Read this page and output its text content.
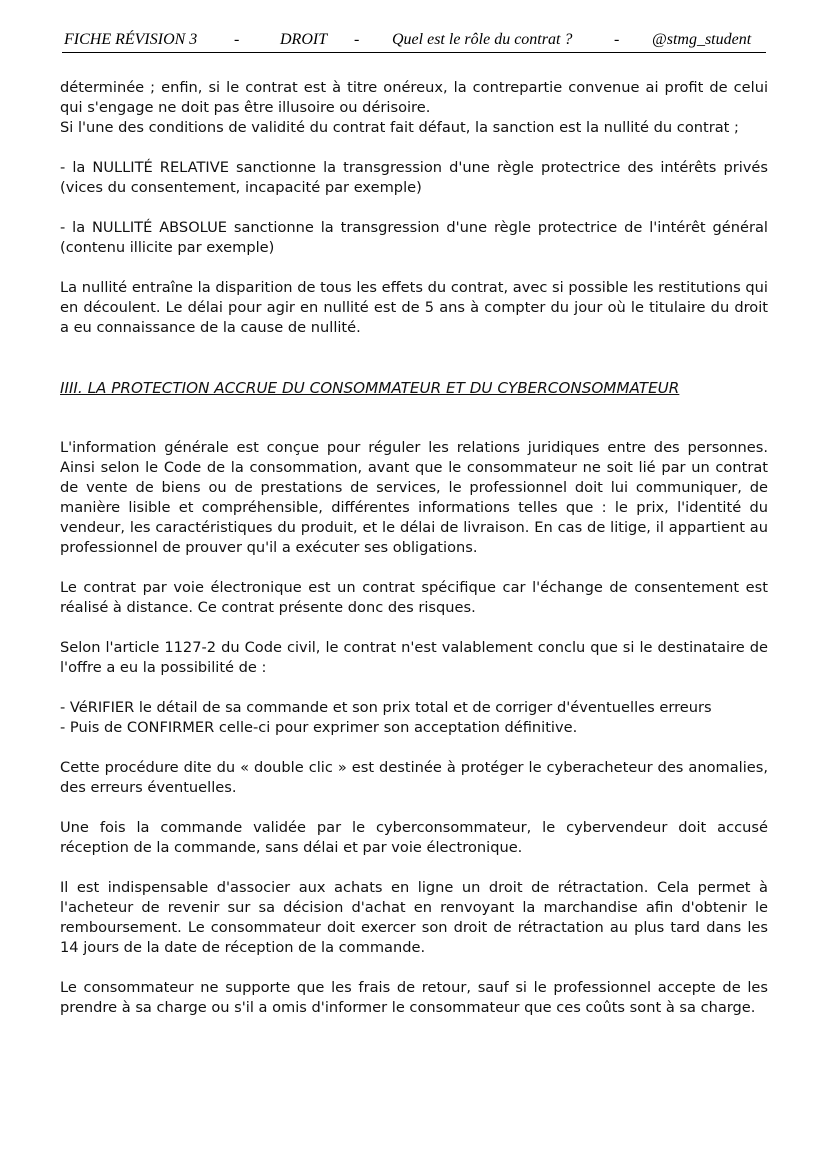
FICHE RÉVISION 3 -	DROIT - Quel est le rôle du contrat ?	- @stmg_student

déterminée ; enfin, si le contrat est à titre onéreux, la contrepartie convenue ai profit de celui qui s'engage ne doit pas être illusoire ou dérisoire.

Si l'une des conditions de validité du contrat fait défaut, la sanction est la nullité du contrat ;

- la NULLITÉ RELATIVE sanctionne la transgression d'une règle protectrice des intérêts privés (vices du consentement, incapacité par exemple)

- la NULLITÉ ABSOLUE sanctionne la transgression d'une règle protectrice de l'intérêt général (contenu illicite par exemple)

La nullité entraîne la disparition de tous les effets du contrat, avec si possible les restitutions qui en découlent. Le délai pour agir en nullité est de 5 ans à compter du jour où le titulaire du droit a eu connaissance de la cause de nullité.

IIII. LA PROTECTION ACCRUE DU CONSOMMATEUR ET DU CYBERCONSOMMATEUR

L'information générale est conçue pour réguler les relations juridiques entre des personnes. Ainsi selon le Code de la consommation, avant que le consommateur ne soit lié par un contrat de vente de biens ou de prestations de services, le professionnel doit lui communiquer, de manière lisible et compréhensible, différentes informations telles que : le prix, l'identité du vendeur, les caractéristiques du produit, et le délai de livraison. En cas de litige, il appartient au professionnel de prouver qu'il a exécuter ses obligations.

Le contrat par voie électronique est un contrat spécifique car l'échange de consentement est réalisé à distance. Ce contrat présente donc des risques.

Selon l'article 1127-2 du Code civil, le contrat n'est valablement conclu que si le destinataire de l'offre a eu la possibilité de :

- VéRIFIER le détail de sa commande et son prix total et de corriger d'éventuelles erreurs

- Puis de CONFIRMER celle-ci pour exprimer son acceptation définitive.

Cette procédure dite du « double clic » est destinée à protéger le cyberacheteur des anomalies, des erreurs éventuelles.

Une fois la commande validée par le cyberconsommateur, le cybervendeur doit accusé réception de la commande, sans délai et par voie électronique.

Il est indispensable d'associer aux achats en ligne un droit de rétractation. Cela permet à l'acheteur de revenir sur sa décision d'achat en renvoyant la marchandise afin d'obtenir le remboursement. Le consommateur doit exercer son droit de rétractation au plus tard dans les 14 jours de la date de réception de la commande.

Le consommateur ne supporte que les frais de retour, sauf si le professionnel accepte de les prendre à sa charge ou s'il a omis d'informer le consommateur que ces coûts sont à sa charge.
